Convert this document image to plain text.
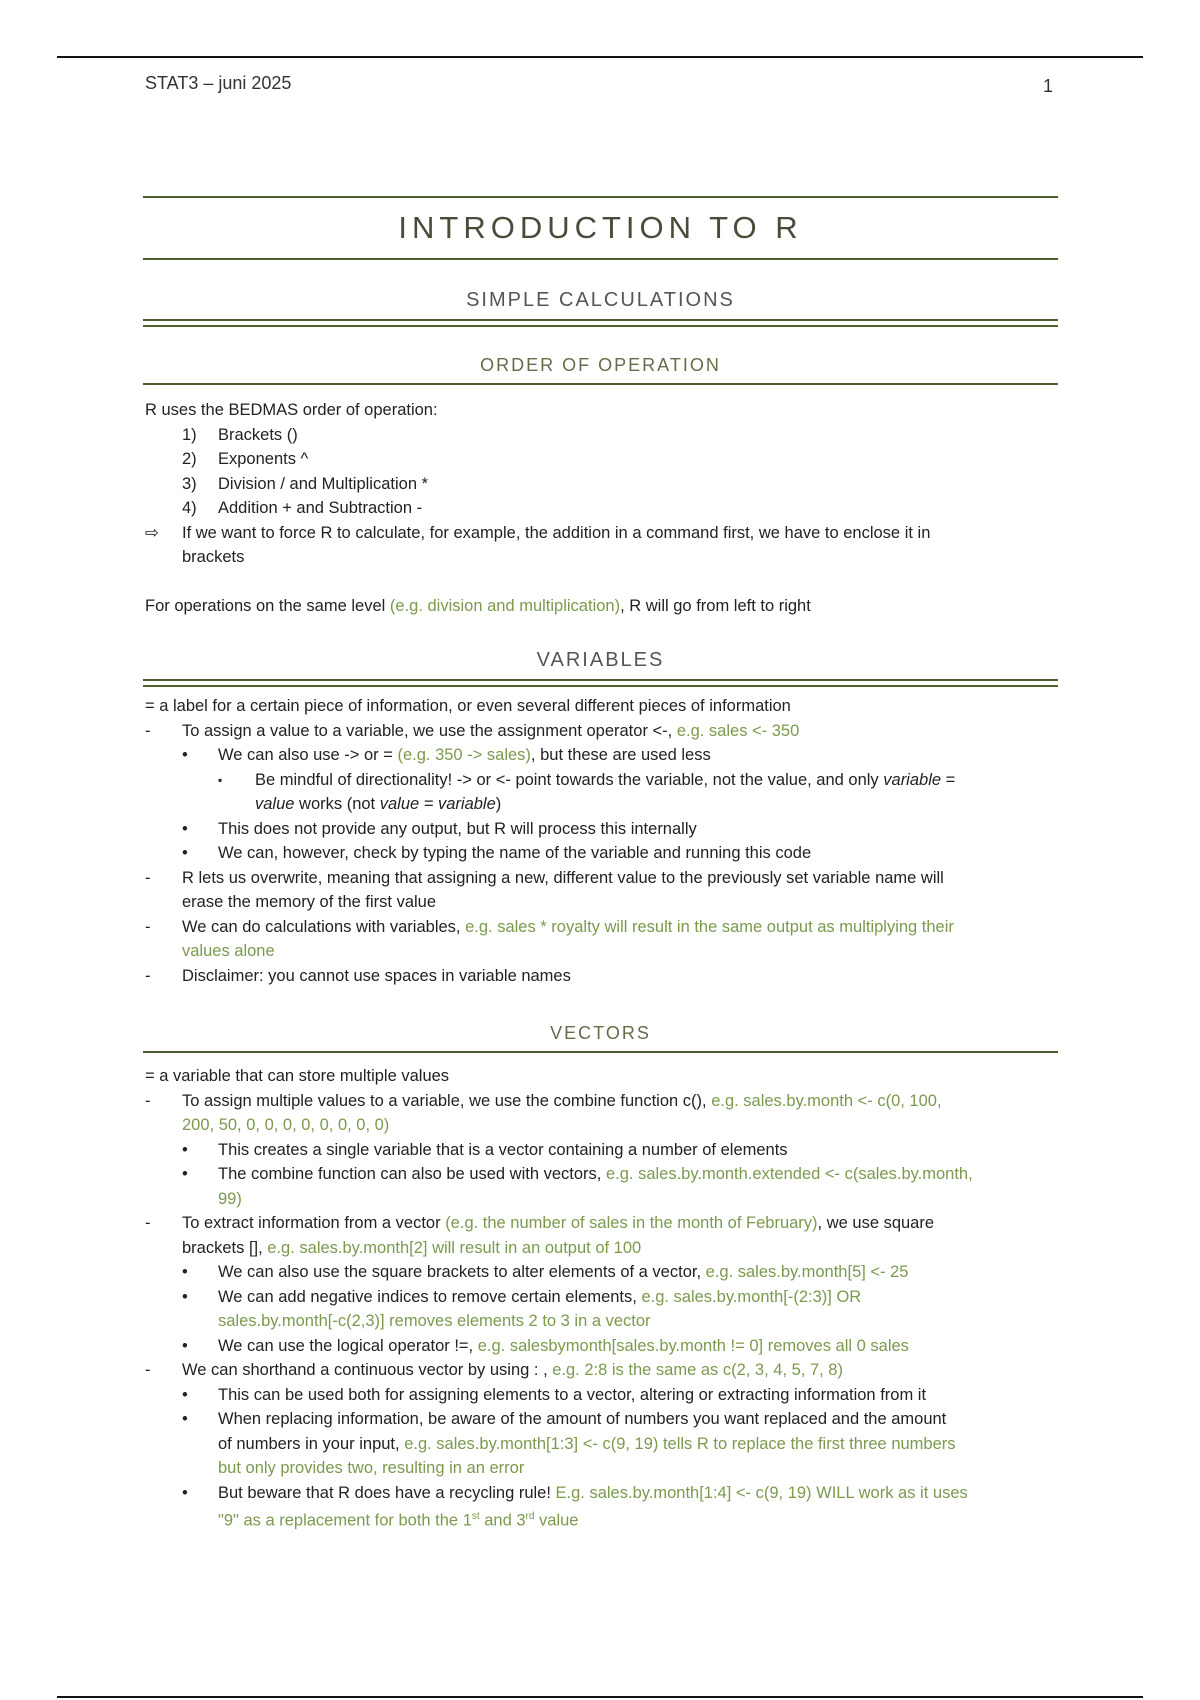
STAT3 – juni 2025	1
INTRODUCTION TO R
SIMPLE CALCULATIONS
ORDER OF OPERATION
R uses the BEDMAS order of operation:
1) Brackets ()
2) Exponents ^
3) Division / and Multiplication *
4) Addition + and Subtraction -
⇨ If we want to force R to calculate, for example, the addition in a command first, we have to enclose it in
brackets
For operations on the same level (e.g. division and multiplication), R will go from left to right
VARIABLES
= a label for a certain piece of information, or even several different pieces of information
- To assign a value to a variable, we use the assignment operator <-, e.g. sales <- 350
• We can also use -> or = (e.g. 350 -> sales), but these are used less
▪ Be mindful of directionality! -> or <- point towards the variable, not the value, and only variable =
value works (not value = variable)
• This does not provide any output, but R will process this internally
• We can, however, check by typing the name of the variable and running this code
- R lets us overwrite, meaning that assigning a new, different value to the previously set variable name will
erase the memory of the first value
- We can do calculations with variables, e.g. sales * royalty will result in the same output as multiplying their
values alone
- Disclaimer: you cannot use spaces in variable names
VECTORS
= a variable that can store multiple values
- To assign multiple values to a variable, we use the combine function c(), e.g. sales.by.month <- c(0, 100,
200, 50, 0, 0, 0, 0, 0, 0, 0, 0)
• This creates a single variable that is a vector containing a number of elements
• The combine function can also be used with vectors, e.g. sales.by.month.extended <- c(sales.by.month,
99)
- To extract information from a vector (e.g. the number of sales in the month of February), we use square
brackets [], e.g. sales.by.month[2] will result in an output of 100
• We can also use the square brackets to alter elements of a vector, e.g. sales.by.month[5] <- 25
• We can add negative indices to remove certain elements, e.g. sales.by.month[-(2:3)] OR
sales.by.month[-c(2,3)] removes elements 2 to 3 in a vector
• We can use the logical operator !=, e.g. salesbymonth[sales.by.month != 0] removes all 0 sales
- We can shorthand a continuous vector by using : , e.g. 2:8 is the same as c(2, 3, 4, 5, 7, 8)
• This can be used both for assigning elements to a vector, altering or extracting information from it
• When replacing information, be aware of the amount of numbers you want replaced and the amount
of numbers in your input, e.g. sales.by.month[1:3] <- c(9, 19) tells R to replace the first three numbers
but only provides two, resulting in an error
• But beware that R does have a recycling rule! E.g. sales.by.month[1:4] <- c(9, 19) WILL work as it uses
"9" as a replacement for both the 1st and 3rd value
